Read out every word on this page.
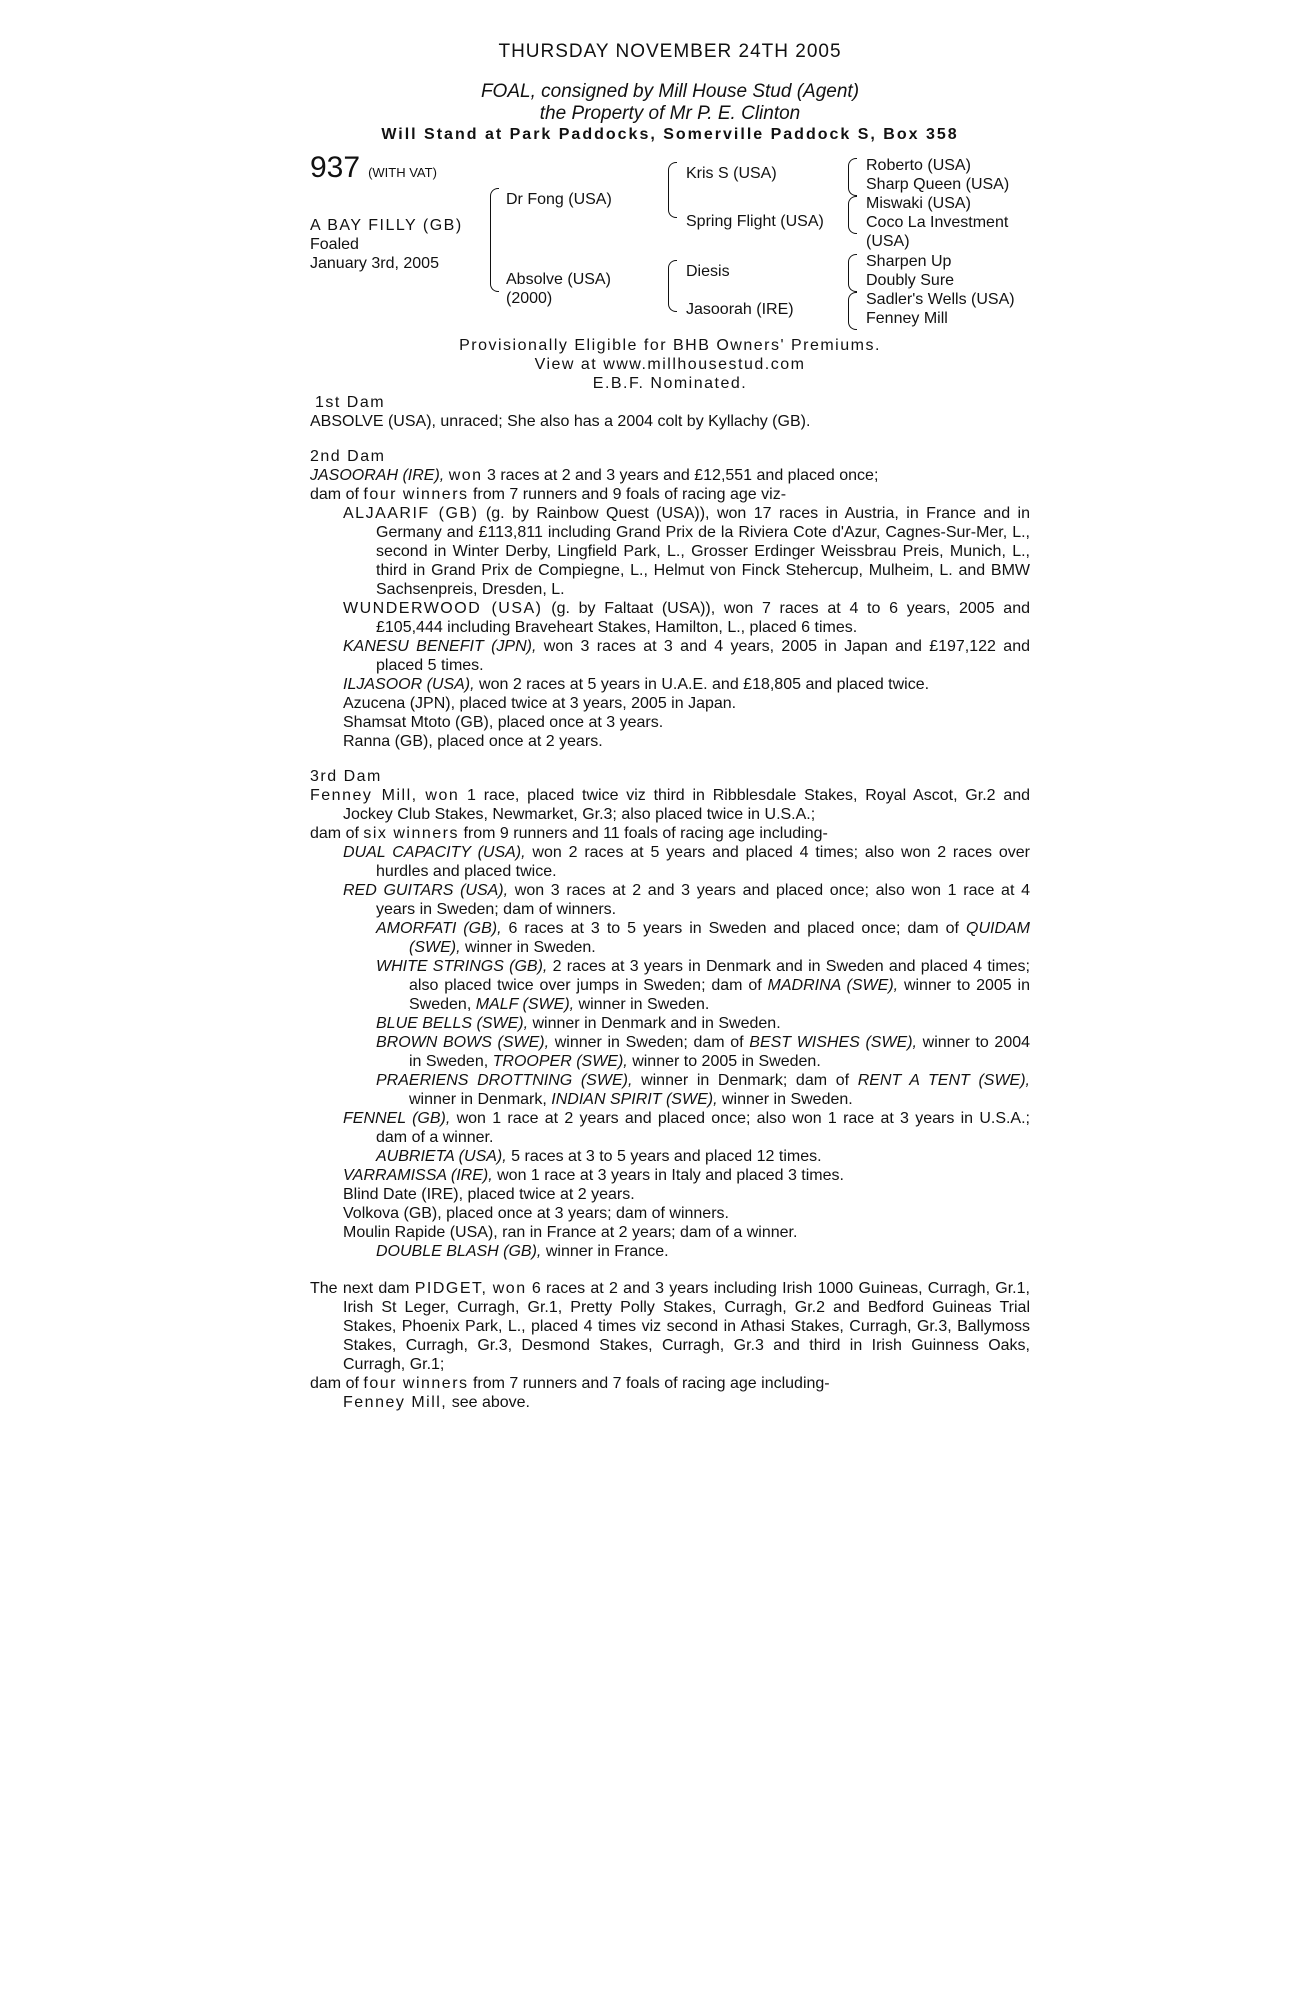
THURSDAY NOVEMBER 24TH 2005
FOAL, consigned by Mill House Stud (Agent)
the Property of Mr P. E. Clinton
Will Stand at Park Paddocks, Somerville Paddock S, Box 358
937 (WITH VAT)
A BAY FILLY (GB)
Foaled
January 3rd, 2005
Dr Fong (USA)
Absolve (USA)
(2000)
Kris S (USA)
Spring Flight (USA)
Diesis
Jasoorah (IRE)
Roberto (USA)
Sharp Queen (USA)
Miswaki (USA)
Coco La Investment
(USA)
Sharpen Up
Doubly Sure
Sadler's Wells (USA)
Fenney Mill
Provisionally Eligible for BHB Owners' Premiums.
View at www.millhousestud.com
E.B.F. Nominated.
1st Dam
ABSOLVE (USA), unraced; She also has a 2004 colt by Kyllachy (GB).
2nd Dam
JASOORAH (IRE), won 3 races at 2 and 3 years and £12,551 and placed once;
dam of four winners from 7 runners and 9 foals of racing age viz-
ALJAARIF (GB) (g. by Rainbow Quest (USA)), won 17 races in Austria, in France and in Germany and £113,811 including Grand Prix de la Riviera Cote d'Azur, Cagnes-Sur-Mer, L., second in Winter Derby, Lingfield Park, L., Grosser Erdinger Weissbrau Preis, Munich, L., third in Grand Prix de Compiegne, L., Helmut von Finck Stehercup, Mulheim, L. and BMW Sachsenpreis, Dresden, L.
WUNDERWOOD (USA) (g. by Faltaat (USA)), won 7 races at 4 to 6 years, 2005 and £105,444 including Braveheart Stakes, Hamilton, L., placed 6 times.
KANESU BENEFIT (JPN), won 3 races at 3 and 4 years, 2005 in Japan and £197,122 and placed 5 times.
ILJASOOR (USA), won 2 races at 5 years in U.A.E. and £18,805 and placed twice.
Azucena (JPN), placed twice at 3 years, 2005 in Japan.
Shamsat Mtoto (GB), placed once at 3 years.
Ranna (GB), placed once at 2 years.
3rd Dam
Fenney Mill, won 1 race, placed twice viz third in Ribblesdale Stakes, Royal Ascot, Gr.2 and Jockey Club Stakes, Newmarket, Gr.3; also placed twice in U.S.A.;
dam of six winners from 9 runners and 11 foals of racing age including-
DUAL CAPACITY (USA), won 2 races at 5 years and placed 4 times; also won 2 races over hurdles and placed twice.
RED GUITARS (USA), won 3 races at 2 and 3 years and placed once; also won 1 race at 4 years in Sweden; dam of winners.
AMORFATI (GB), 6 races at 3 to 5 years in Sweden and placed once; dam of QUIDAM (SWE), winner in Sweden.
WHITE STRINGS (GB), 2 races at 3 years in Denmark and in Sweden and placed 4 times; also placed twice over jumps in Sweden; dam of MADRINA (SWE), winner to 2005 in Sweden, MALF (SWE), winner in Sweden.
BLUE BELLS (SWE), winner in Denmark and in Sweden.
BROWN BOWS (SWE), winner in Sweden; dam of BEST WISHES (SWE), winner to 2004 in Sweden, TROOPER (SWE), winner to 2005 in Sweden.
PRAERIENS DROTTNING (SWE), winner in Denmark; dam of RENT A TENT (SWE), winner in Denmark, INDIAN SPIRIT (SWE), winner in Sweden.
FENNEL (GB), won 1 race at 2 years and placed once; also won 1 race at 3 years in U.S.A.; dam of a winner.
AUBRIETA (USA), 5 races at 3 to 5 years and placed 12 times.
VARRAMISSA (IRE), won 1 race at 3 years in Italy and placed 3 times.
Blind Date (IRE), placed twice at 2 years.
Volkova (GB), placed once at 3 years; dam of winners.
Moulin Rapide (USA), ran in France at 2 years; dam of a winner.
DOUBLE BLASH (GB), winner in France.
The next dam PIDGET, won 6 races at 2 and 3 years including Irish 1000 Guineas, Curragh, Gr.1, Irish St Leger, Curragh, Gr.1, Pretty Polly Stakes, Curragh, Gr.2 and Bedford Guineas Trial Stakes, Phoenix Park, L., placed 4 times viz second in Athasi Stakes, Curragh, Gr.3, Ballymoss Stakes, Curragh, Gr.3, Desmond Stakes, Curragh, Gr.3 and third in Irish Guinness Oaks, Curragh, Gr.1;
dam of four winners from 7 runners and 7 foals of racing age including-
Fenney Mill, see above.
